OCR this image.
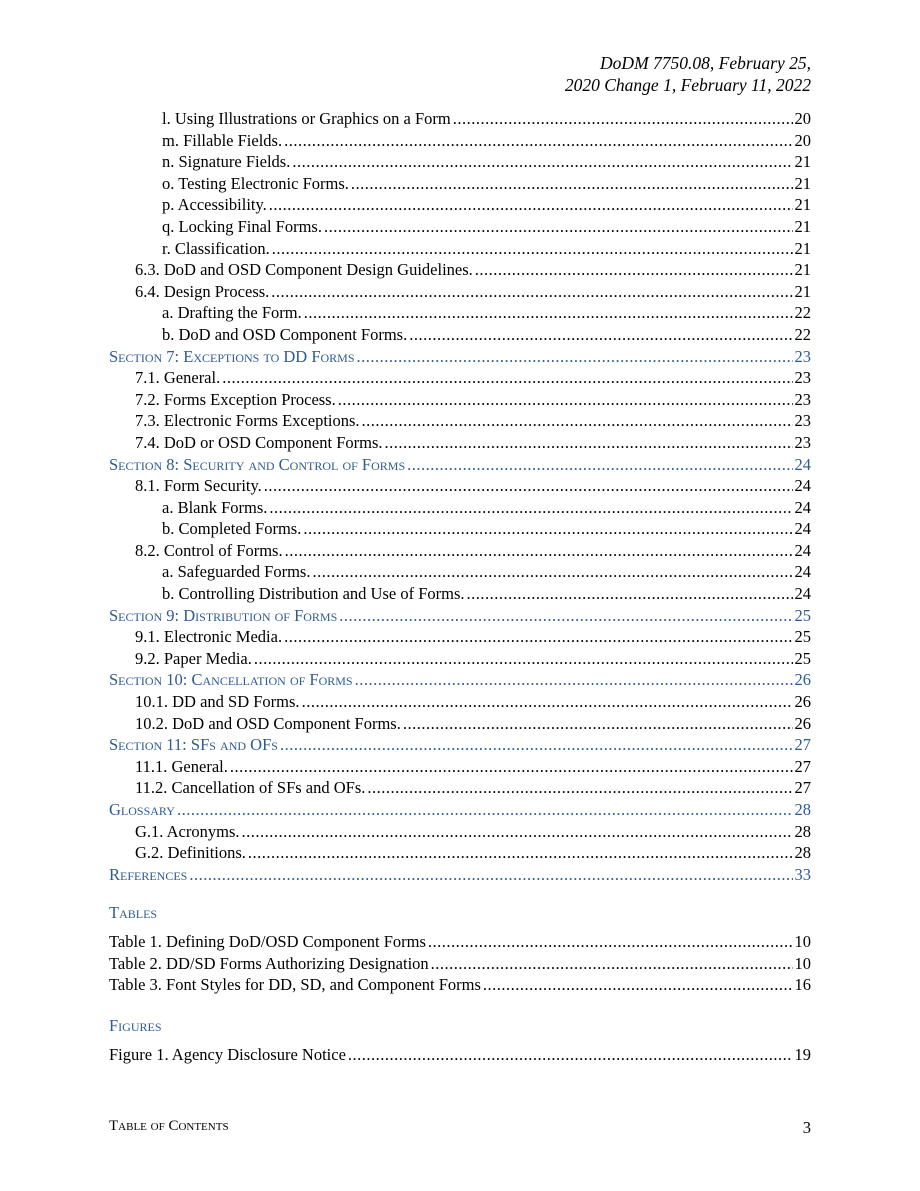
DoDM 7750.08, February 25,
2020 Change 1, February 11, 2022
l. Using Illustrations or Graphics on a Form .....	20
m. Fillable Fields. .....	20
n. Signature Fields. .....	21
o. Testing Electronic Forms. .....	21
p. Accessibility. .....	21
q. Locking Final Forms. .....	21
r. Classification. .....	21
6.3. DoD and OSD Component Design Guidelines. .....	21
6.4. Design Process. .....	21
a. Drafting the Form. .....	22
b. DoD and OSD Component Forms. .....	22
Section 7: Exceptions to DD Forms .....	23
7.1. General. .....	23
7.2. Forms Exception Process. .....	23
7.3. Electronic Forms Exceptions. .....	23
7.4. DoD or OSD Component Forms. .....	23
Section 8: Security and Control of Forms .....	24
8.1. Form Security. .....	24
a. Blank Forms. .....	24
b. Completed Forms. .....	24
8.2. Control of Forms. .....	24
a. Safeguarded Forms. .....	24
b. Controlling Distribution and Use of Forms. .....	24
Section 9: Distribution of Forms .....	25
9.1. Electronic Media. .....	25
9.2. Paper Media. .....	25
Section 10: Cancellation of Forms .....	26
10.1. DD and SD Forms. .....	26
10.2. DoD and OSD Component Forms. .....	26
Section 11: SFs and OFs .....	27
11.1. General. .....	27
11.2. Cancellation of SFs and OFs. .....	27
Glossary .....	28
G.1. Acronyms. .....	28
G.2. Definitions. .....	28
References .....	33
Tables
Table 1. Defining DoD/OSD Component Forms .....	10
Table 2. DD/SD Forms Authorizing Designation .....	10
Table 3. Font Styles for DD, SD, and Component Forms .....	16
Figures
Figure 1. Agency Disclosure Notice .....	19
Table of Contents	3
